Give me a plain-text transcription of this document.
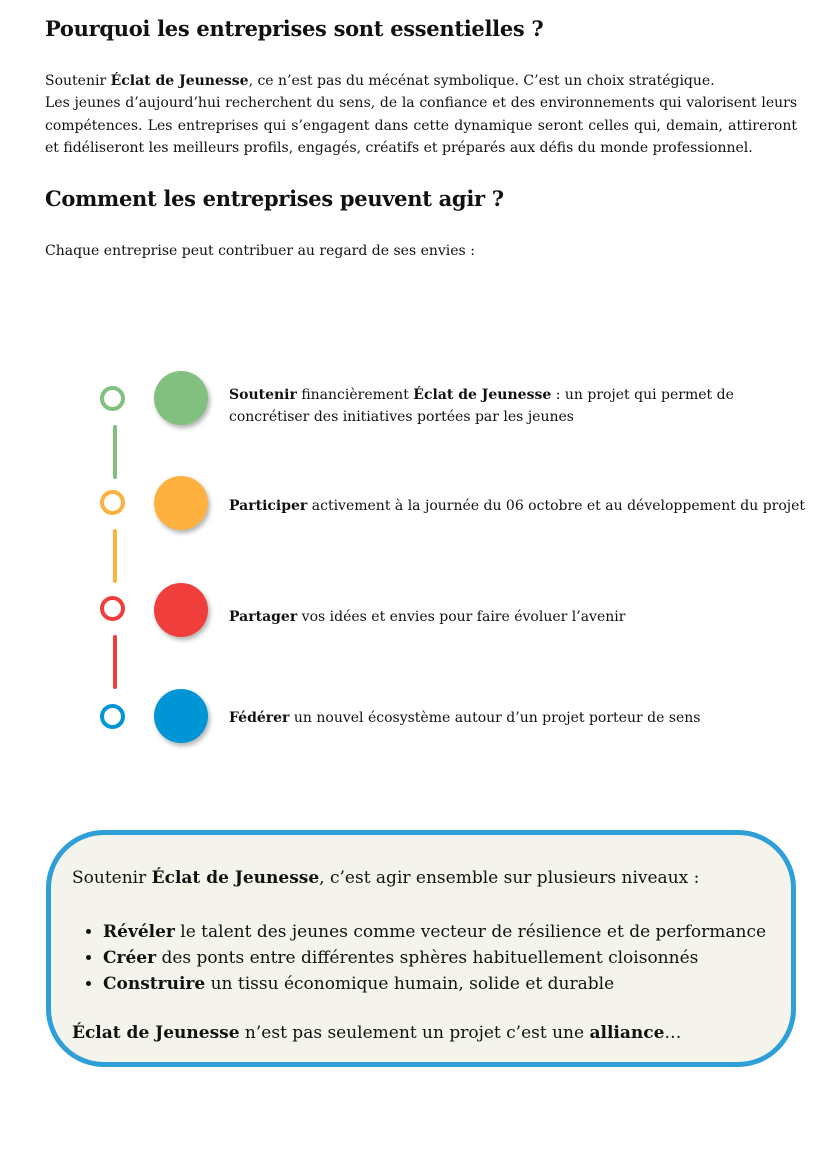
Pourquoi les entreprises sont essentielles ?

Soutenir Éclat de Jeunesse, ce n’est pas du mécénat symbolique. C’est un choix stratégique.

Les jeunes d’aujourd’hui recherchent du sens, de la confiance et des environnements qui valorisent leurs compétences. Les entreprises qui s’engagent dans cette dynamique seront celles qui, demain, attireront et fidéliseront les meilleurs profils, engagés, créatifs et préparés aux défis du monde professionnel.

Comment les entreprises peuvent agir ?

Chaque entreprise peut contribuer au regard de ses envies :

Soutenir financièrement Éclat de Jeunesse : un projet qui permet de concrétiser des initiatives portées par les jeunes
Participer activement à la journée du 06 octobre et au développement du projet
Partager vos idées et envies pour faire évoluer l’avenir
Fédérer un nouvel écosystème autour d’un projet porteur de sens

Soutenir Éclat de Jeunesse, c’est agir ensemble sur plusieurs niveaux :

• Révéler le talent des jeunes comme vecteur de résilience et de performance
• Créer des ponts entre différentes sphères habituellement cloisonnés
• Construire un tissu économique humain, solide et durable

Éclat de Jeunesse n’est pas seulement un projet c’est une alliance…
